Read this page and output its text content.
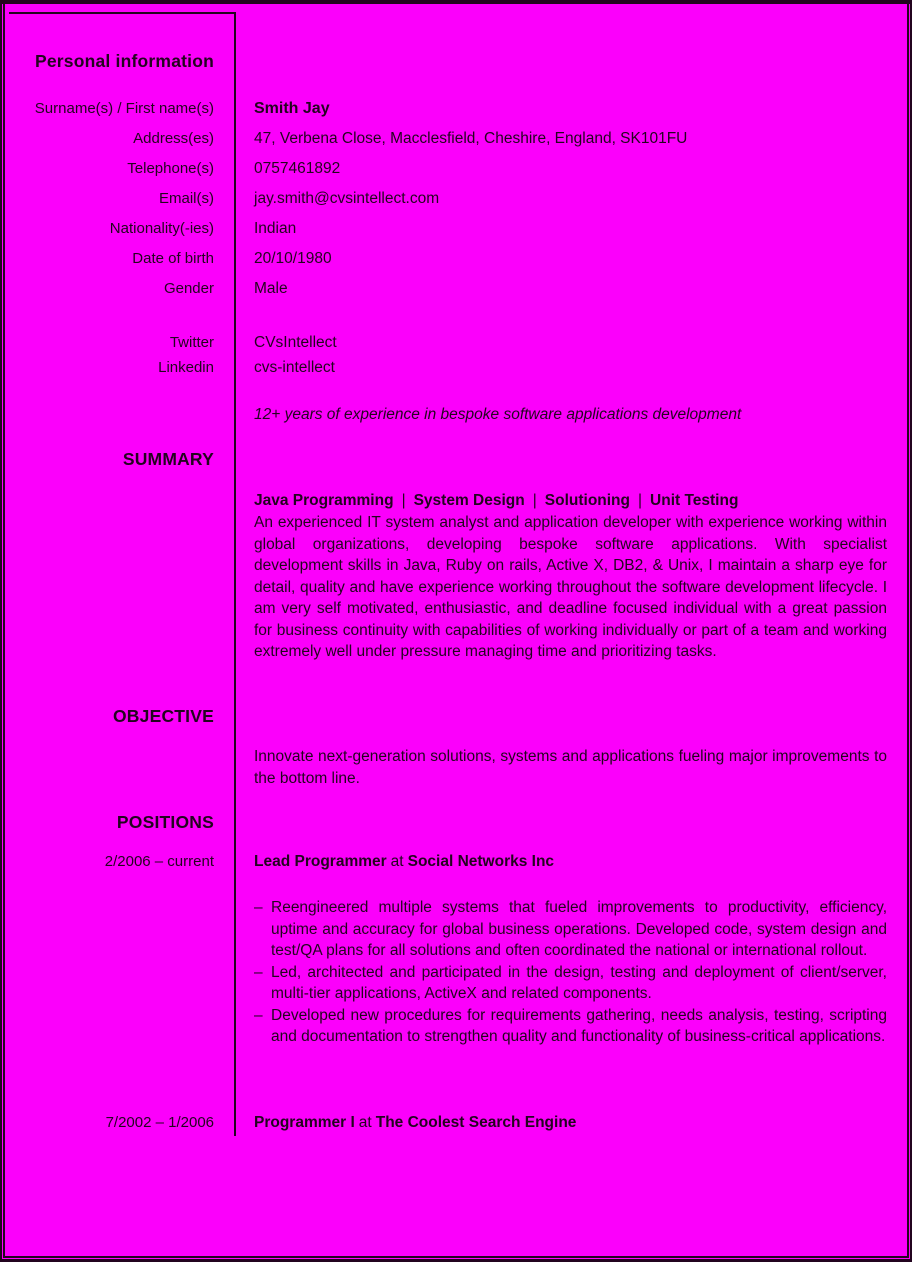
Personal information
Surname(s) / First name(s)	Smith Jay
Address(es)	47, Verbena Close, Macclesfield, Cheshire, England, SK101FU
Telephone(s)	0757461892
Email(s)	jay.smith@cvsintellect.com
Nationality(-ies)	Indian
Date of birth	20/10/1980
Gender	Male
Twitter	CVsIntellect
Linkedin	cvs-intellect
12+ years of experience in bespoke software applications development
SUMMARY
Java Programming | System Design | Solutioning | Unit Testing
An experienced IT system analyst and application developer with experience working within global organizations, developing bespoke software applications. With specialist development skills in Java, Ruby on rails, Active X, DB2, & Unix, I maintain a sharp eye for detail, quality and have experience working throughout the software development lifecycle. I am very self motivated, enthusiastic, and deadline focused individual with a great passion for business continuity with capabilities of working individually or part of a team and working extremely well under pressure managing time and prioritizing tasks.
OBJECTIVE
Innovate next-generation solutions, systems and applications fueling major improvements to the bottom line.
POSITIONS
2/2006 – current	Lead Programmer at Social Networks Inc
– Reengineered multiple systems that fueled improvements to productivity, efficiency, uptime and accuracy for global business operations. Developed code, system design and test/QA plans for all solutions and often coordinated the national or international rollout.
– Led, architected and participated in the design, testing and deployment of client/server, multi-tier applications, ActiveX and related components.
– Developed new procedures for requirements gathering, needs analysis, testing, scripting and documentation to strengthen quality and functionality of business-critical applications.
7/2002 – 1/2006	Programmer I at The Coolest Search Engine
